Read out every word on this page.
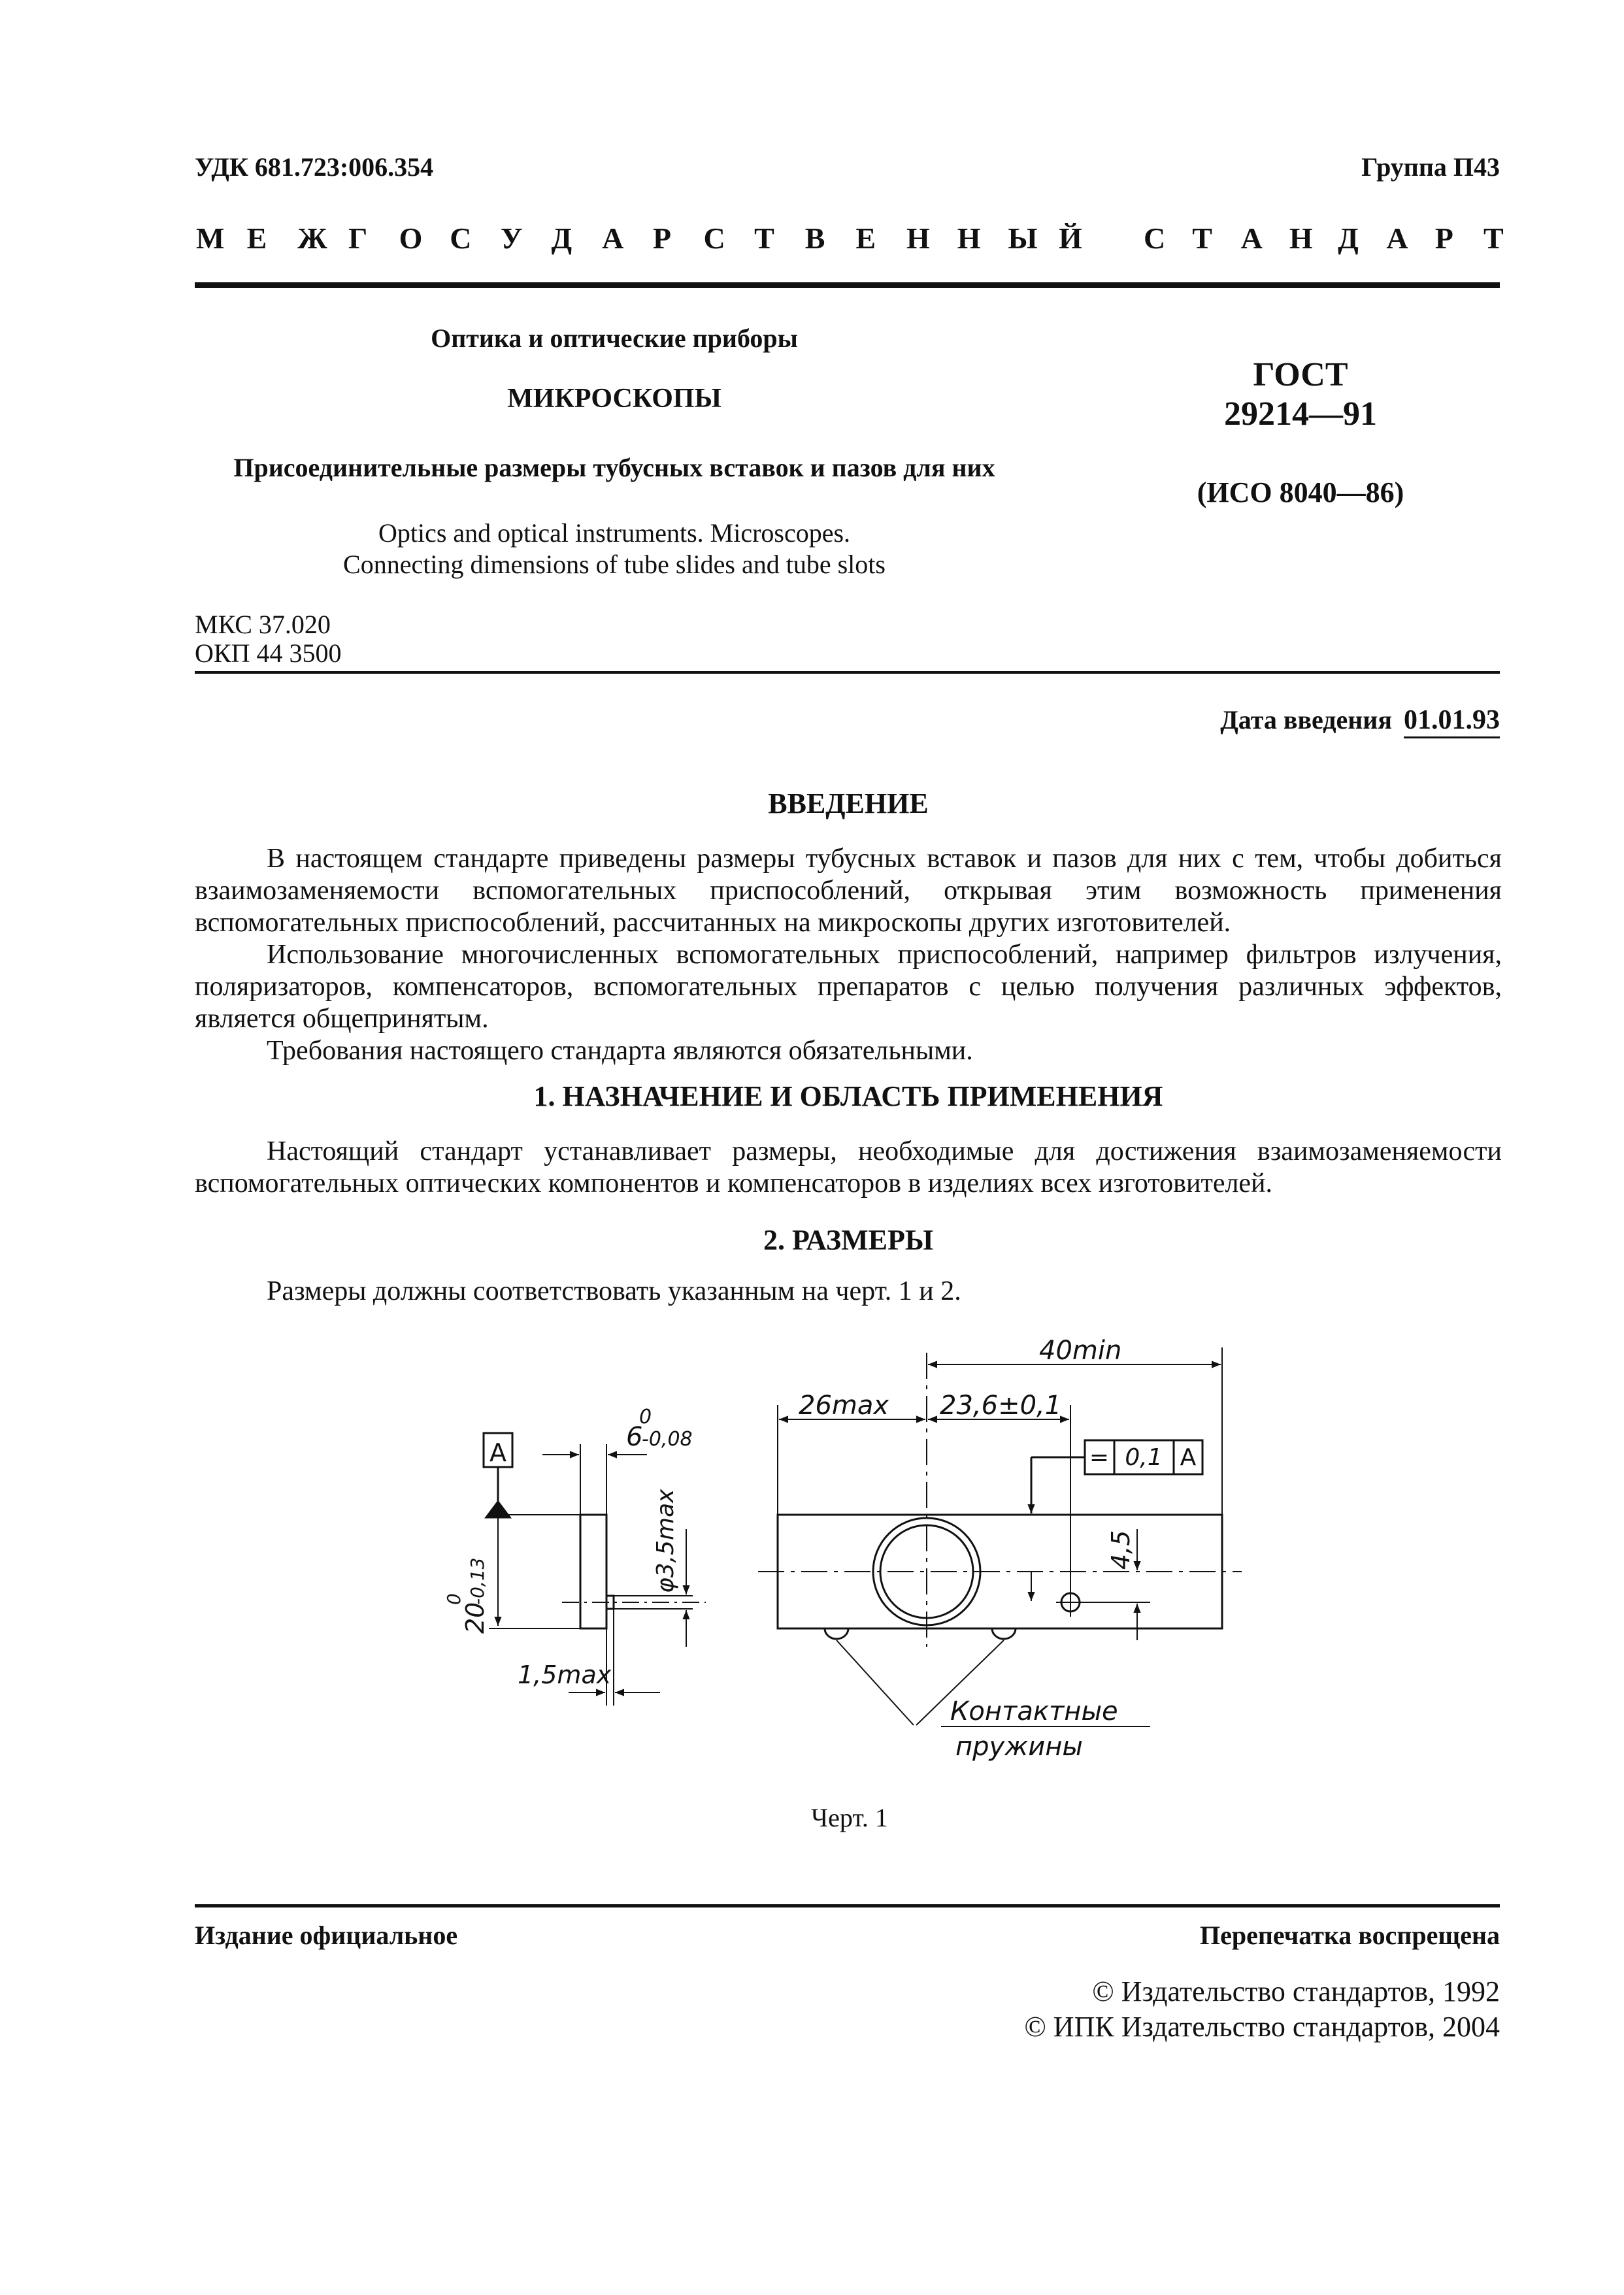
УДК 681.723:006.354	Группа П43
Оптика и оптические приборы
МИКРОСКОПЫ
Присоединительные размеры тубусных вставок и пазов для них
Optics and optical instruments. Microscopes.
Connecting dimensions of tube slides and tube slots
ГОСТ
29214—91
(ИСО 8040—86)
МКС 37.020
ОКП 44 3500
Дата введения 01.01.93
ВВЕДЕНИЕ

В настоящем стандарте приведены размеры тубусных вставок и пазов для них с тем, чтобы добиться взаимозаменяемости вспомогательных приспособлений, открывая этим возможность применения вспомогательных приспособлений, рассчитанных на микроскопы других изготовителей.

Использование многочисленных вспомогательных приспособлений, например фильтров излучения, поляризаторов, компенсаторов, вспомогательных препаратов с целью получения различных эффектов, является общепринятым.

Требования настоящего стандарта являются обязательными.

1. НАЗНАЧЕНИЕ И ОБЛАСТЬ ПРИМЕНЕНИЯ

Настоящий стандарт устанавливает размеры, необходимые для достижения взаимозаменяемости вспомогательных оптических компонентов и компенсаторов в изделиях всех изготовителей.

2. РАЗМЕРЫ

Размеры должны соответствовать указанным на черт. 1 и 2.

A
6
0
-0,08
20
0 -0,13	φ3,5max
1,5max
40min
26max 23,6±0,1
= 0,1 A
4,5
Контактные
пружины
Черт. 1
Издание официальное	Перепечатка воспрещена
© Издательство стандартов, 1992
© ИПК Издательство стандартов, 2004
М Е Ж Г О С У Д А Р С Т В Е Н Н Ы Й С Т А Н Д А Р Т
